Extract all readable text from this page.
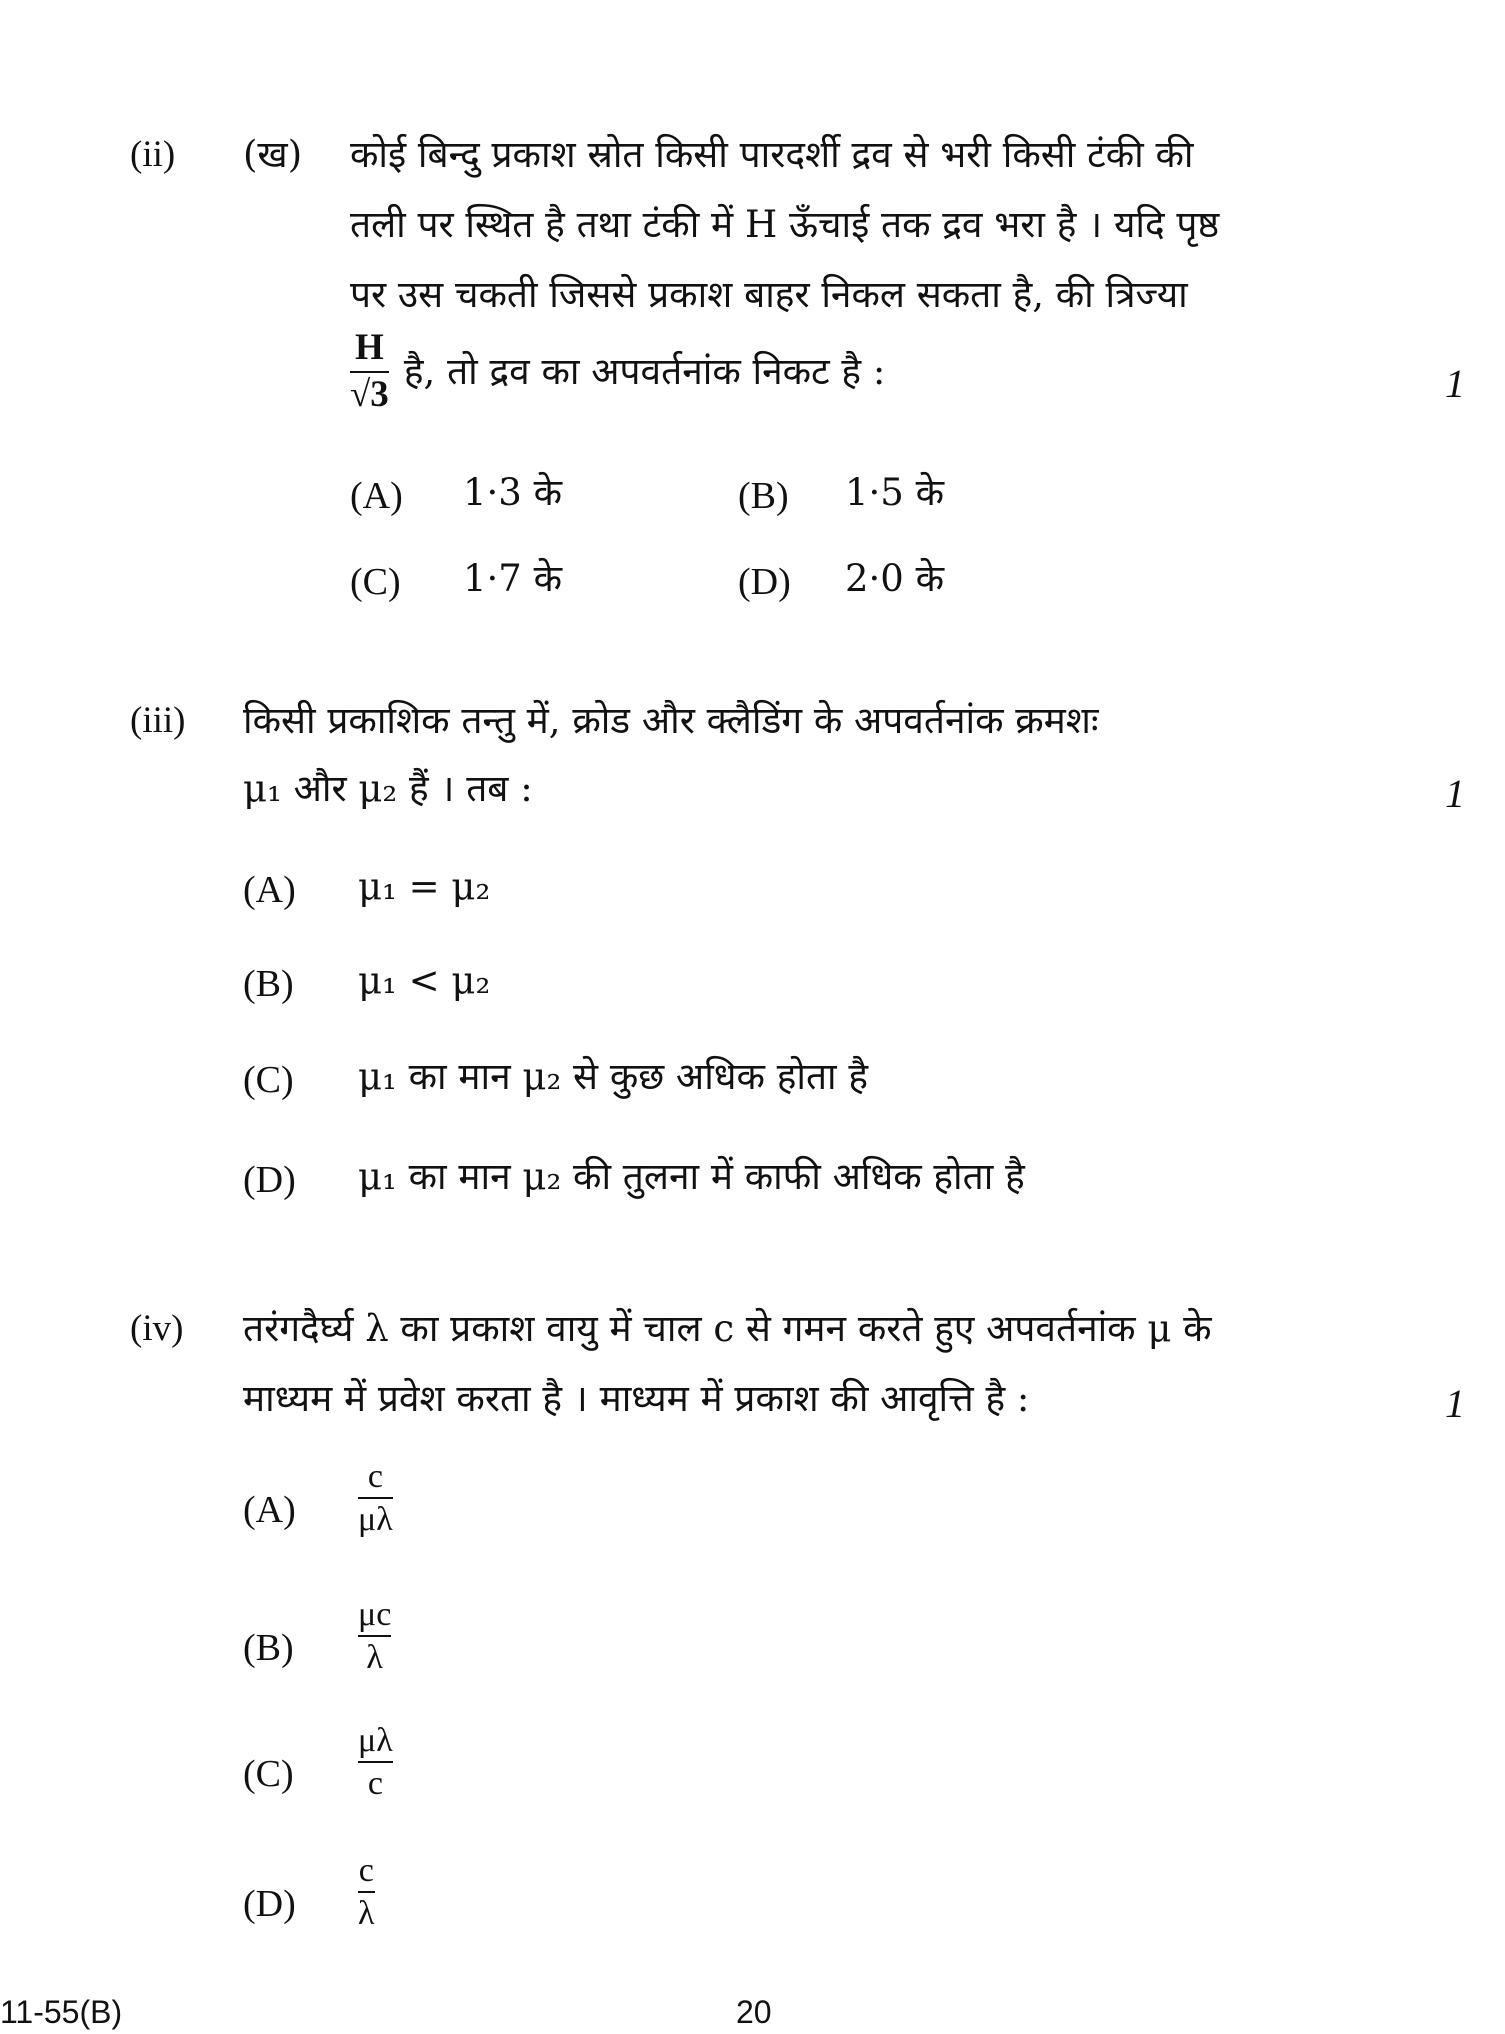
(ii) (ख) कोई बिन्दु प्रकाश स्रोत किसी पारदर्शी द्रव से भरी किसी टंकी की
तली पर स्थित है तथा टंकी में H ऊँचाई तक द्रव भरा है । यदि पृष्ठ
पर उस चकती जिससे प्रकाश बाहर निकल सकता है, की त्रिज्या
$\frac{H}{√3}$ है, तो द्रव का अपवर्तनांक निकट है :	1
(A) 1·3 के	(B) 1·5 के
(C) 1·7 के	(D) 2·0 के
(iii) किसी प्रकाशिक तन्तु में, क्रोड और क्लैडिंग के अपवर्तनांक क्रमशः
μ₁ और μ₂ हैं । तब :	1
(A) μ₁ = μ₂
(B) μ₁ < μ₂
(C) μ₁ का मान μ₂ से कुछ अधिक होता है
(D) μ₁ का मान μ₂ की तुलना में काफी अधिक होता है
(iv) तरंगदैर्घ्य λ का प्रकाश वायु में चाल c से गमन करते हुए अपवर्तनांक μ के
माध्यम में प्रवेश करता है । माध्यम में प्रकाश की आवृत्ति है :	1
(A)
c
μλ
(B)
μc
λ
(C)
μλ
c
(D)
c
λ
11-55(B)	20
